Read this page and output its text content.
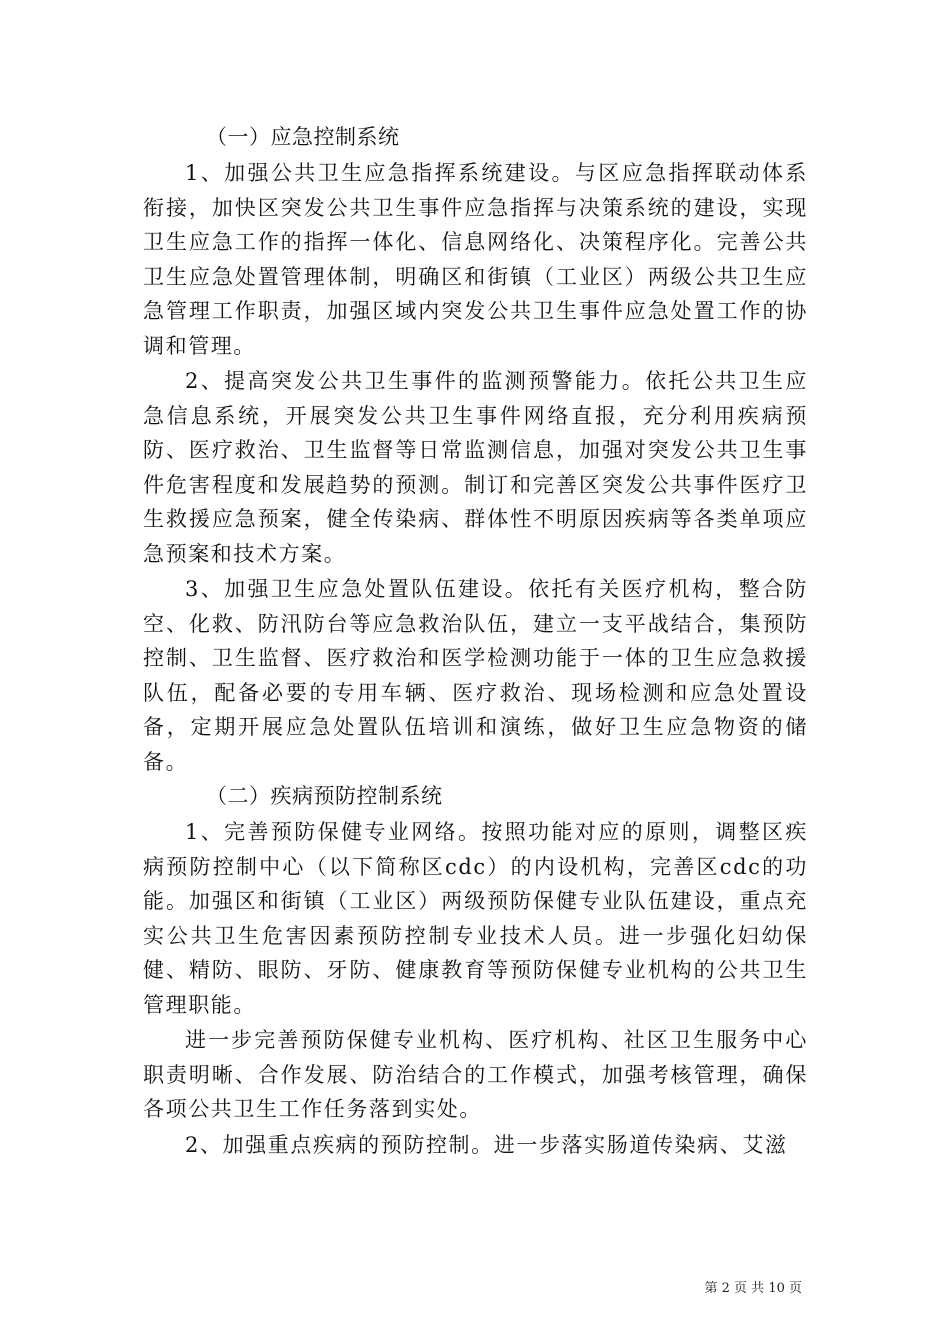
（一）应急控制系统

1、加强公共卫生应急指挥系统建设。与区应急指挥联动体系衔接，加快区突发公共卫生事件应急指挥与决策系统的建设，实现卫生应急工作的指挥一体化、信息网络化、决策程序化。完善公共卫生应急处置管理体制，明确区和街镇（工业区）两级公共卫生应急管理工作职责，加强区域内突发公共卫生事件应急处置工作的协调和管理。

2、提高突发公共卫生事件的监测预警能力。依托公共卫生应急信息系统，开展突发公共卫生事件网络直报，充分利用疾病预防、医疗救治、卫生监督等日常监测信息，加强对突发公共卫生事件危害程度和发展趋势的预测。制订和完善区突发公共事件医疗卫生救援应急预案，健全传染病、群体性不明原因疾病等各类单项应急预案和技术方案。

3、加强卫生应急处置队伍建设。依托有关医疗机构，整合防空、化救、防汛防台等应急救治队伍，建立一支平战结合，集预防控制、卫生监督、医疗救治和医学检测功能于一体的卫生应急救援队伍，配备必要的专用车辆、医疗救治、现场检测和应急处置设备，定期开展应急处置队伍培训和演练，做好卫生应急物资的储备。

（二）疾病预防控制系统

1、完善预防保健专业网络。按照功能对应的原则，调整区疾病预防控制中心（以下简称区cdc）的内设机构，完善区cdc的功能。加强区和街镇（工业区）两级预防保健专业队伍建设，重点充实公共卫生危害因素预防控制专业技术人员。进一步强化妇幼保健、精防、眼防、牙防、健康教育等预防保健专业机构的公共卫生管理职能。

进一步完善预防保健专业机构、医疗机构、社区卫生服务中心职责明晰、合作发展、防治结合的工作模式，加强考核管理，确保各项公共卫生工作任务落到实处。

2、加强重点疾病的预防控制。进一步落实肠道传染病、艾滋

第 2 页 共 10 页
